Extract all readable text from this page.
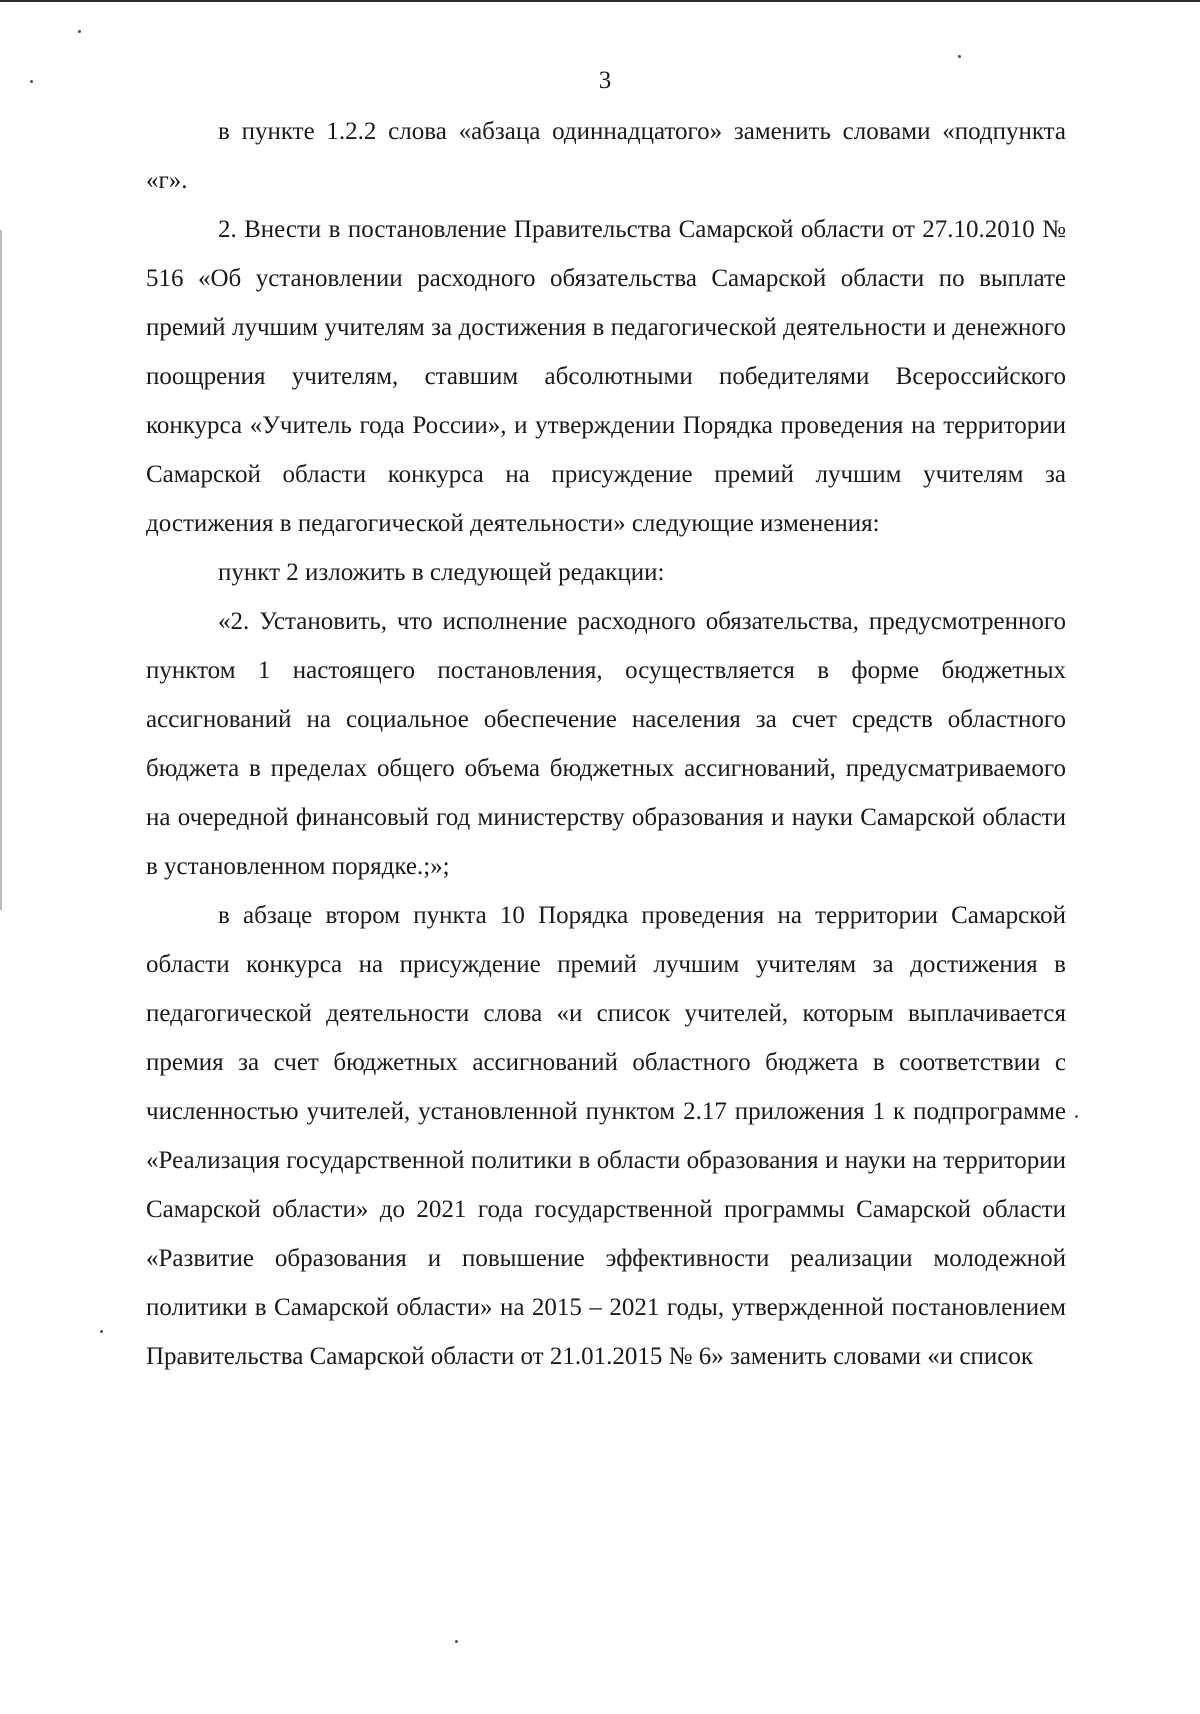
3

в пункте 1.2.2 слова «абзаца одиннадцатого» заменить словами «подпункта «г».

2. Внести в постановление Правительства Самарской области от 27.10.2010 № 516 «Об установлении расходного обязательства Самарской области по выплате премий лучшим учителям за достижения в педагогической деятельности и денежного поощрения учителям, ставшим абсолютными победителями Всероссийского конкурса «Учитель года России», и утверждении Порядка проведения на территории Самарской области конкурса на присуждение премий лучшим учителям за достижения в педагогической деятельности» следующие изменения:

пункт 2 изложить в следующей редакции:

«2. Установить, что исполнение расходного обязательства, предусмотренного пунктом 1 настоящего постановления, осуществляется в форме бюджетных ассигнований на социальное обеспечение населения за счет средств областного бюджета в пределах общего объема бюджетных ассигнований, предусматриваемого на очередной финансовый год министерству образования и науки Самарской области в установленном порядке.;»;

в абзаце втором пункта 10 Порядка проведения на территории Самарской области конкурса на присуждение премий лучшим учителям за достижения в педагогической деятельности слова «и список учителей, которым выплачивается премия за счет бюджетных ассигнований областного бюджета в соответствии с численностью учителей, установленной пунктом 2.17 приложения 1 к подпрограмме «Реализация государственной политики в области образования и науки на территории Самарской области» до 2021 года государственной программы Самарской области «Развитие образования и повышение эффективности реализации молодежной политики в Самарской области» на 2015 – 2021 годы, утвержденной постановлением Правительства Самарской области от 21.01.2015 № 6» заменить словами «и список
